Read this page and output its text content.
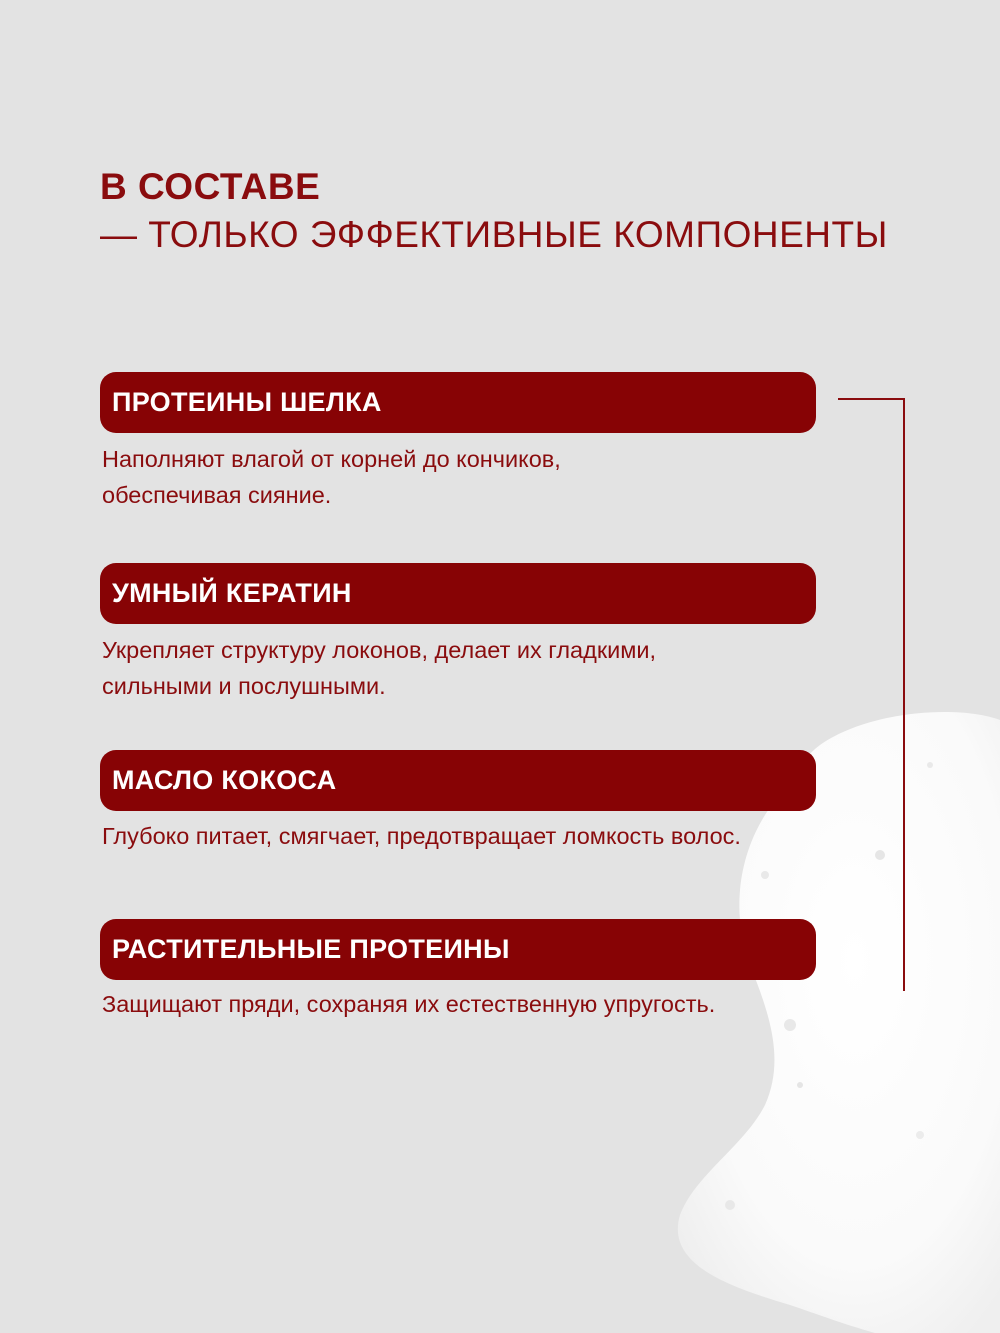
В СОСТАВЕ
— ТОЛЬКО ЭФФЕКТИВНЫЕ КОМПОНЕНТЫ
ПРОТЕИНЫ ШЕЛКА
Наполняют влагой от корней до кончиков,
обеспечивая сияние.
УМНЫЙ КЕРАТИН
Укрепляет структуру локонов, делает их гладкими,
сильными и послушными.
МАСЛО КОКОСА
Глубоко питает, смягчает, предотвращает ломкость волос.
РАСТИТЕЛЬНЫЕ ПРОТЕИНЫ
Защищают пряди, сохраняя их естественную упругость.
